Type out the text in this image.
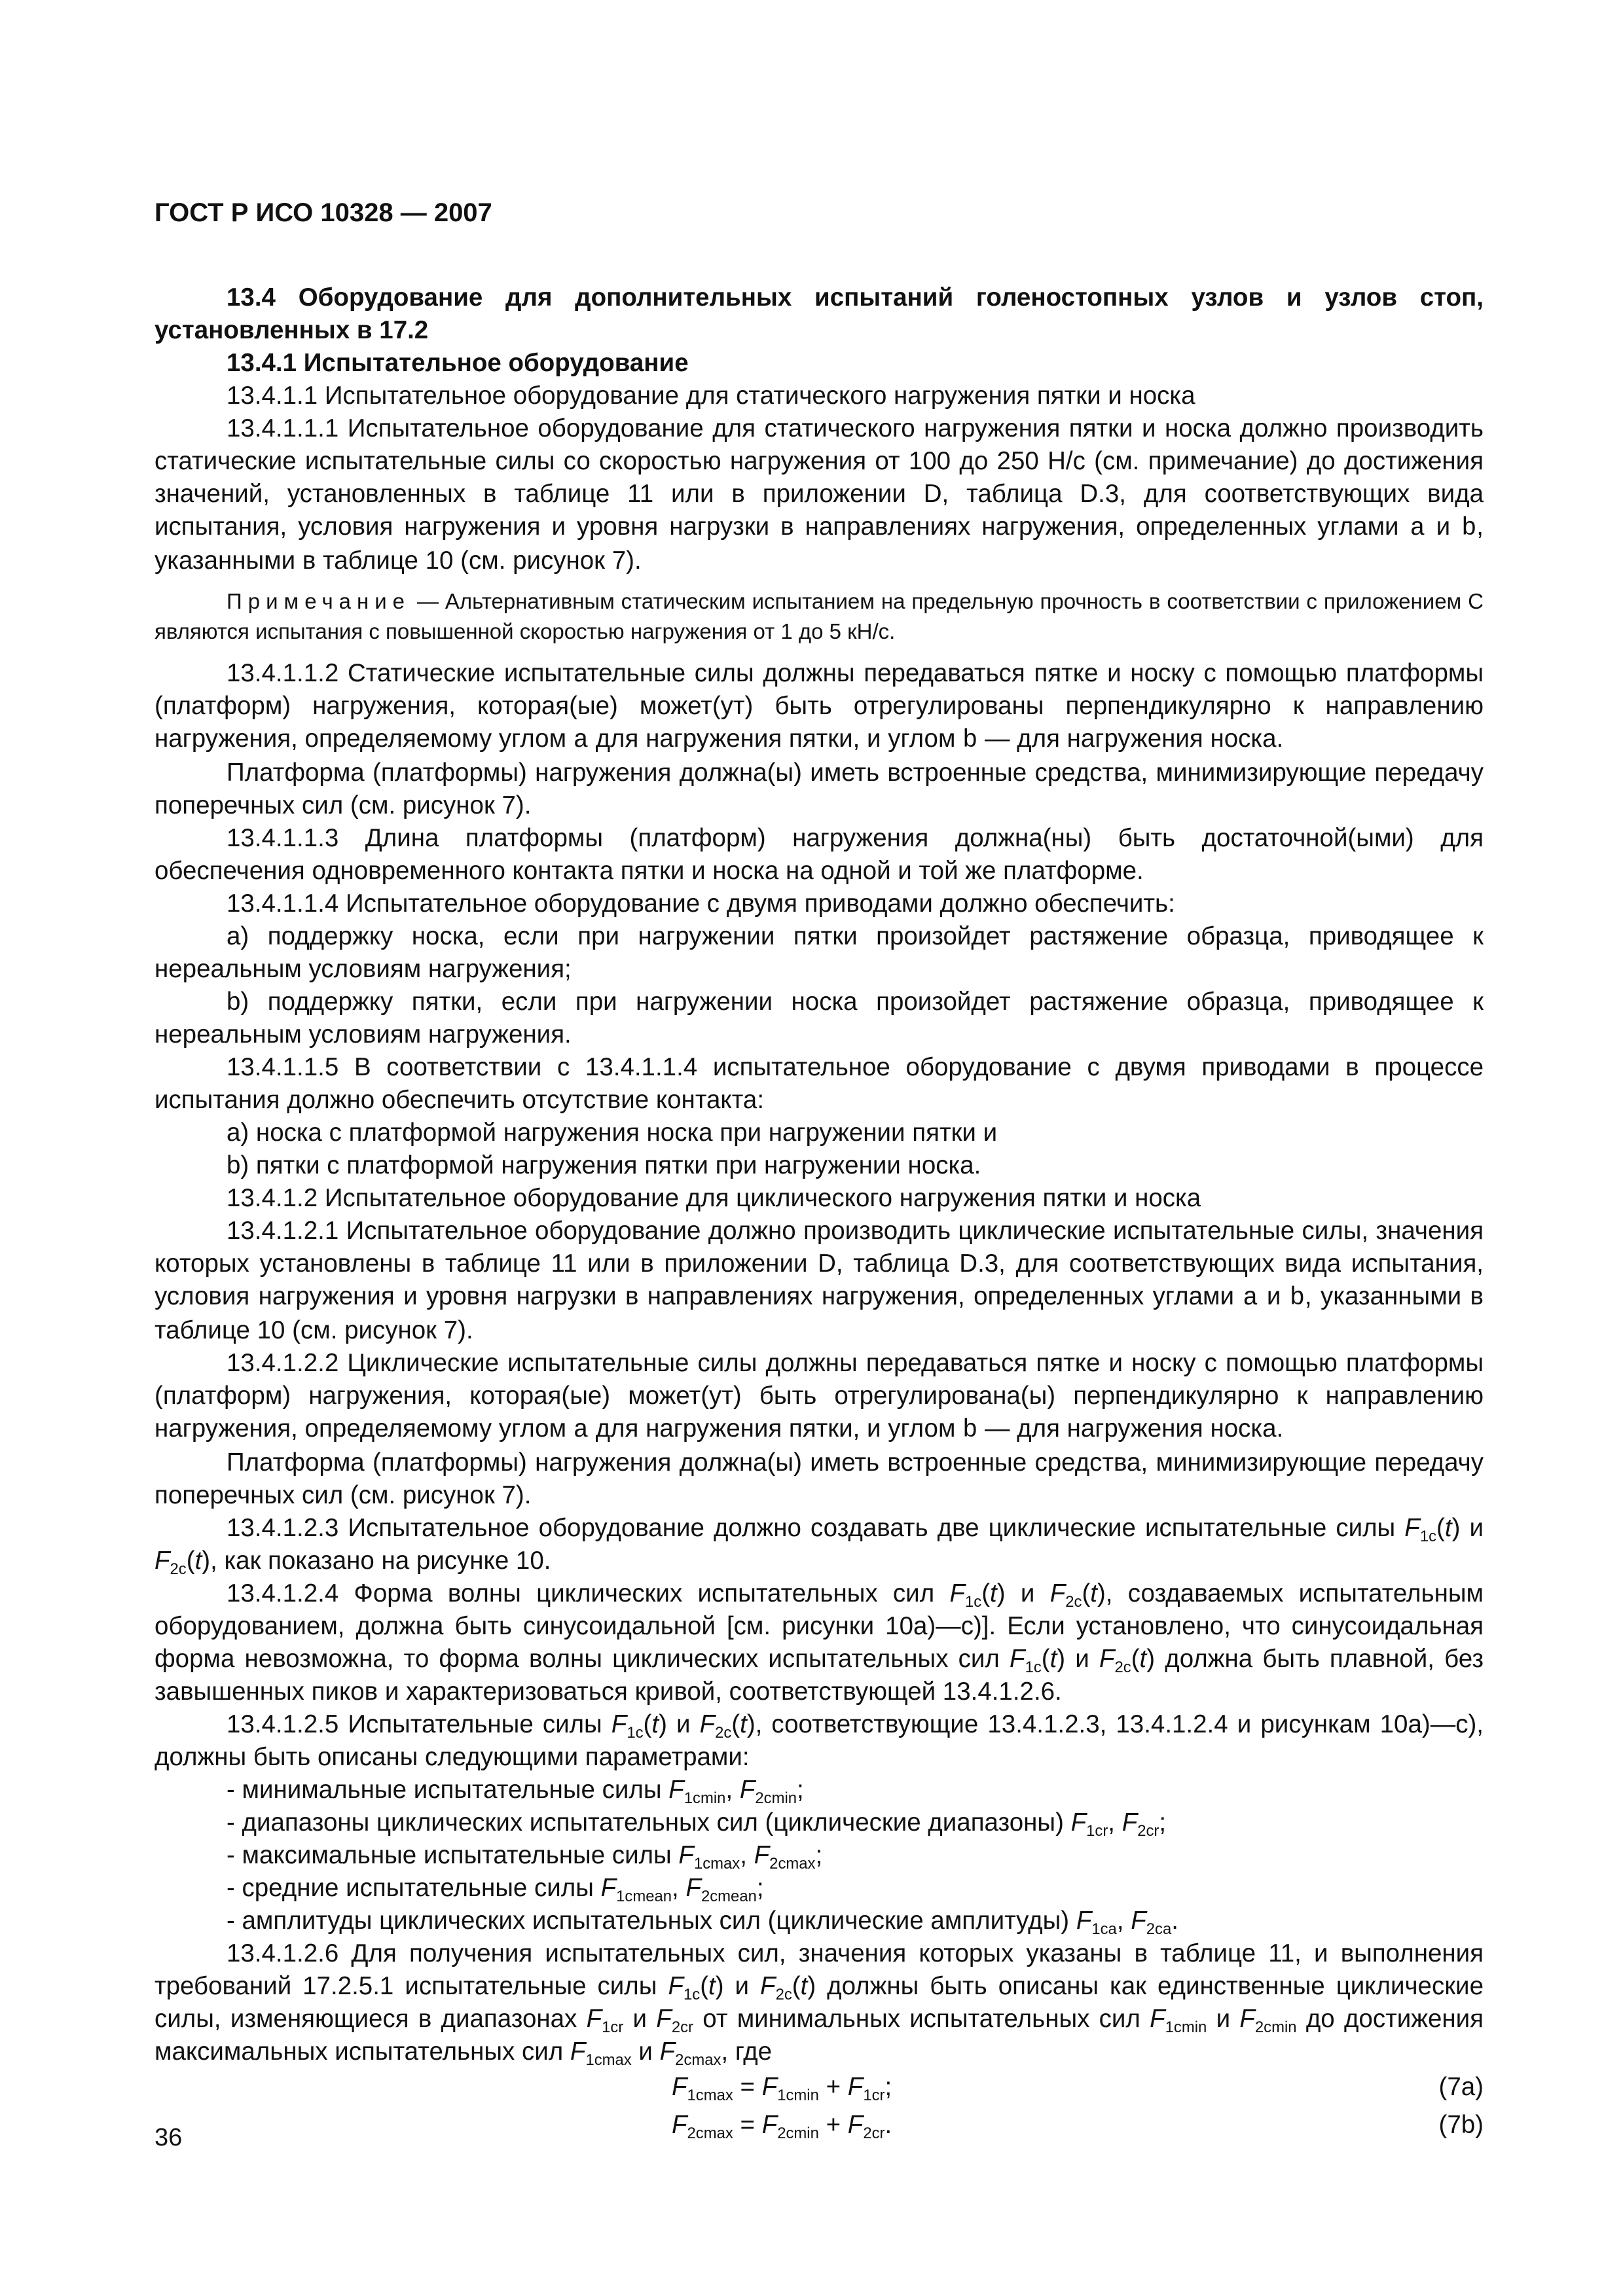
ГОСТ Р ИСО 10328 — 2007

13.4 Оборудование для дополнительных испытаний голеностопных узлов и узлов стоп, установленных в 17.2

13.4.1 Испытательное оборудование

13.4.1.1 Испытательное оборудование для статического нагружения пятки и носка

13.4.1.1.1 Испытательное оборудование для статического нагружения пятки и носка должно производить статические испытательные силы со скоростью нагружения от 100 до 250 Н/с (см. примечание) до достижения значений, установленных в таблице 11 или в приложении D, таблица D.3, для соответствующих вида испытания, условия нагружения и уровня нагрузки в направлениях нагружения, определенных углами a и b, указанными в таблице 10 (см. рисунок 7).

Примечание — Альтернативным статическим испытанием на предельную прочность в соответствии с приложением С являются испытания с повышенной скоростью нагружения от 1 до 5 кН/с.

13.4.1.1.2 Статические испытательные силы должны передаваться пятке и носку с помощью платформы (платформ) нагружения, которая(ые) может(ут) быть отрегулированы перпендикулярно к направлению нагружения, определяемому углом a для нагружения пятки, и углом b — для нагружения носка.

Платформа (платформы) нагружения должна(ы) иметь встроенные средства, минимизирующие передачу поперечных сил (см. рисунок 7).

13.4.1.1.3 Длина платформы (платформ) нагружения должна(ны) быть достаточной(ыми) для обеспечения одновременного контакта пятки и носка на одной и той же платформе.

13.4.1.1.4 Испытательное оборудование с двумя приводами должно обеспечить:

a) поддержку носка, если при нагружении пятки произойдет растяжение образца, приводящее к нереальным условиям нагружения;

b) поддержку пятки, если при нагружении носка произойдет растяжение образца, приводящее к нереальным условиям нагружения.

13.4.1.1.5 В соответствии с 13.4.1.1.4 испытательное оборудование с двумя приводами в процессе испытания должно обеспечить отсутствие контакта:

a) носка с платформой нагружения носка при нагружении пятки и

b) пятки с платформой нагружения пятки при нагружении носка.

13.4.1.2 Испытательное оборудование для циклического нагружения пятки и носка

13.4.1.2.1 Испытательное оборудование должно производить циклические испытательные силы, значения которых установлены в таблице 11 или в приложении D, таблица D.3, для соответствующих вида испытания, условия нагружения и уровня нагрузки в направлениях нагружения, определенных углами a и b, указанными в таблице 10 (см. рисунок 7).

13.4.1.2.2 Циклические испытательные силы должны передаваться пятке и носку с помощью платформы (платформ) нагружения, которая(ые) может(ут) быть отрегулирована(ы) перпендикулярно к направлению нагружения, определяемому углом a для нагружения пятки, и углом b — для нагружения носка.

Платформа (платформы) нагружения должна(ы) иметь встроенные средства, минимизирующие передачу поперечных сил (см. рисунок 7).

13.4.1.2.3 Испытательное оборудование должно создавать две циклические испытательные силы $F_{1c}(t)$ и $F_{2c}(t)$, как показано на рисунке 10.

13.4.1.2.4 Форма волны циклических испытательных сил $F_{1c}(t)$ и $F_{2c}(t)$, создаваемых испытательным оборудованием, должна быть синусоидальной [см. рисунки 10а)—с)]. Если установлено, что синусоидальная форма невозможна, то форма волны циклических испытательных сил $F_{1c}(t)$ и $F_{2c}(t)$ должна быть плавной, без завышенных пиков и характеризоваться кривой, соответствующей 13.4.1.2.6.

13.4.1.2.5 Испытательные силы $F_{1c}(t)$ и $F_{2c}(t)$, соответствующие 13.4.1.2.3, 13.4.1.2.4 и рисункам 10а)—с), должны быть описаны следующими параметрами:

- минимальные испытательные силы $F_{1cmin}$, $F_{2cmin}$;

- диапазоны циклических испытательных сил (циклические диапазоны) $F_{1cr}$, $F_{2cr}$;

- максимальные испытательные силы $F_{1cmax}$, $F_{2cmax}$;

- средние испытательные силы $F_{1cmean}$, $F_{2cmean}$;

- амплитуды циклических испытательных сил (циклические амплитуды) $F_{1ca}$, $F_{2ca}$.

13.4.1.2.6 Для получения испытательных сил, значения которых указаны в таблице 11, и выполнения требований 17.2.5.1 испытательные силы $F_{1c}(t)$ и $F_{2c}(t)$ должны быть описаны как единственные циклические силы, изменяющиеся в диапазонах $F_{1cr}$ и $F_{2cr}$ от минимальных испытательных сил $F_{1cmin}$ и $F_{2cmin}$ до достижения максимальных испытательных сил $F_{1cmax}$ и $F_{2cmax}$, где

$F_{1cmax} = F_{1cmin} + F_{1cr}$;	(7a)
$F_{2cmax} = F_{2cmin} + F_{2cr}$.	(7b)
36
